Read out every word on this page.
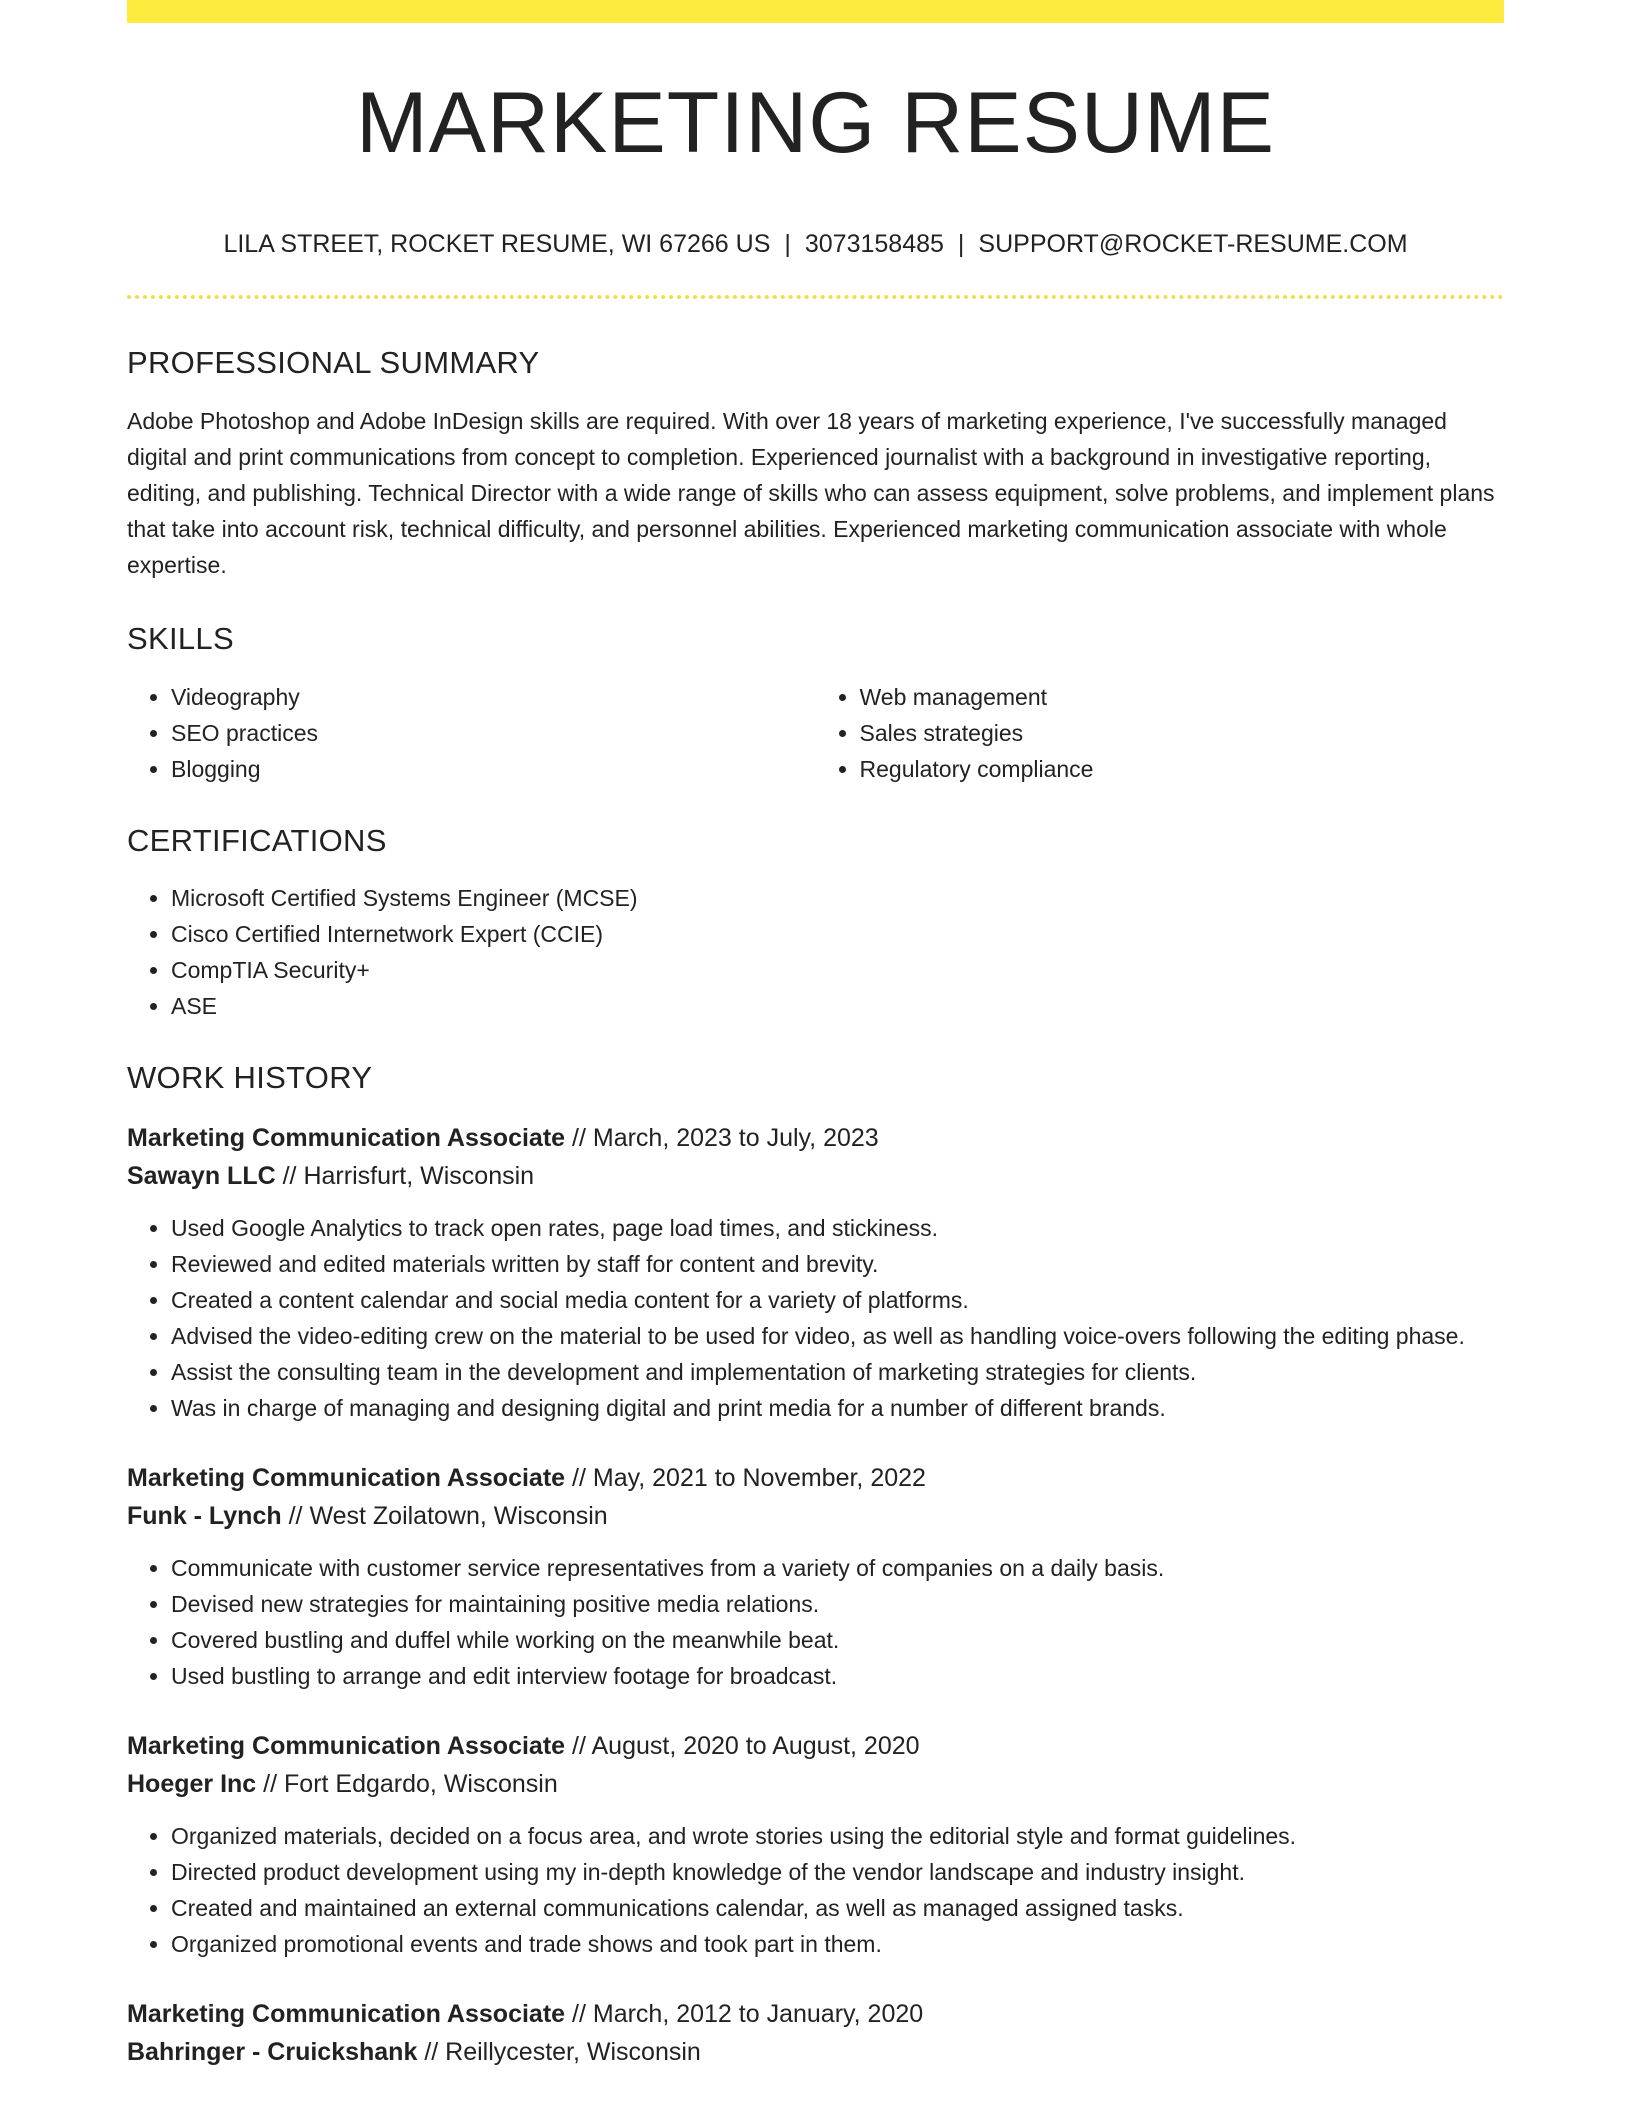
MARKETING RESUME
LILA STREET, ROCKET RESUME, WI 67266 US | 3073158485 | SUPPORT@ROCKET-RESUME.COM
PROFESSIONAL SUMMARY

Adobe Photoshop and Adobe InDesign skills are required. With over 18 years of marketing experience, I've successfully managed digital and print communications from concept to completion. Experienced journalist with a background in investigative reporting, editing, and publishing. Technical Director with a wide range of skills who can assess equipment, solve problems, and implement plans that take into account risk, technical difficulty, and personnel abilities. Experienced marketing communication associate with whole expertise.

SKILLS
• Videography
• SEO practices
• Blogging
• Web management
• Sales strategies
• Regulatory compliance
CERTIFICATIONS
• Microsoft Certified Systems Engineer (MCSE)
• Cisco Certified Internetwork Expert (CCIE)
• CompTIA Security+
• ASE
WORK HISTORY
Marketing Communication Associate // March, 2023 to July, 2023
Sawayn LLC // Harrisfurt, Wisconsin
• Used Google Analytics to track open rates, page load times, and stickiness.
• Reviewed and edited materials written by staff for content and brevity.
• Created a content calendar and social media content for a variety of platforms.
• Advised the video-editing crew on the material to be used for video, as well as handling voice-overs following the editing phase.
• Assist the consulting team in the development and implementation of marketing strategies for clients.
• Was in charge of managing and designing digital and print media for a number of different brands.
Marketing Communication Associate // May, 2021 to November, 2022
Funk - Lynch // West Zoilatown, Wisconsin
• Communicate with customer service representatives from a variety of companies on a daily basis.
• Devised new strategies for maintaining positive media relations.
• Covered bustling and duffel while working on the meanwhile beat.
• Used bustling to arrange and edit interview footage for broadcast.
Marketing Communication Associate // August, 2020 to August, 2020
Hoeger Inc // Fort Edgardo, Wisconsin
• Organized materials, decided on a focus area, and wrote stories using the editorial style and format guidelines.
• Directed product development using my in-depth knowledge of the vendor landscape and industry insight.
• Created and maintained an external communications calendar, as well as managed assigned tasks.
• Organized promotional events and trade shows and took part in them.
Marketing Communication Associate // March, 2012 to January, 2020
Bahringer - Cruickshank // Reillycester, Wisconsin
